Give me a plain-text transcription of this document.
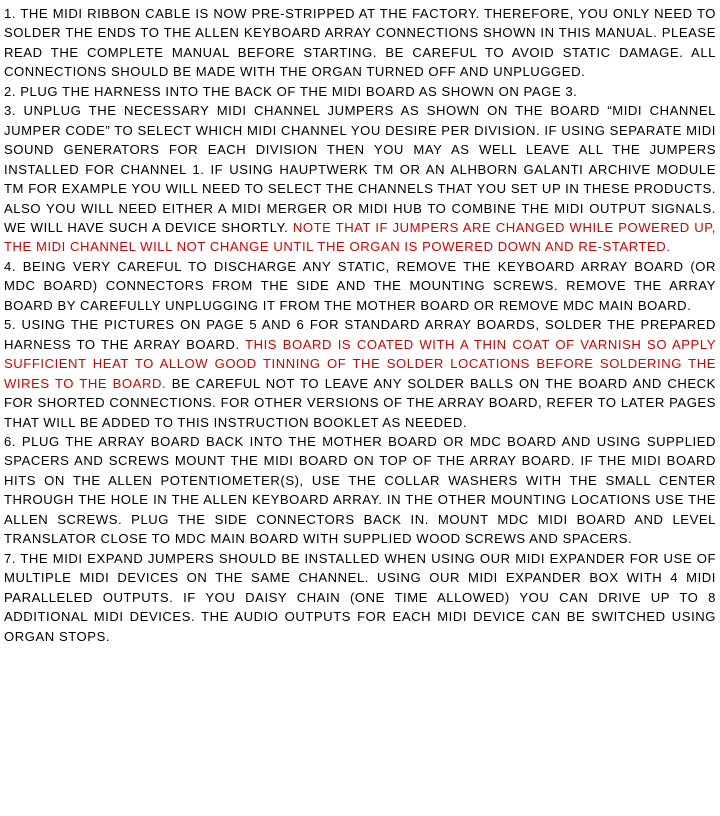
1. THE MIDI RIBBON CABLE IS NOW PRE-STRIPPED AT THE FACTORY. THEREFORE, YOU ONLY NEED TO SOLDER THE ENDS TO THE ALLEN KEYBOARD ARRAY CONNECTIONS SHOWN IN THIS MANUAL. PLEASE READ THE COMPLETE MANUAL BEFORE STARTING. BE CAREFUL TO AVOID STATIC DAMAGE. ALL CONNECTIONS SHOULD BE MADE WITH THE ORGAN TURNED OFF AND UNPLUGGED.

2. PLUG THE HARNESS INTO THE BACK OF THE MIDI BOARD AS SHOWN ON PAGE 3.

3. UNPLUG THE NECESSARY MIDI CHANNEL JUMPERS AS SHOWN ON THE BOARD “MIDI CHANNEL JUMPER CODE” TO SELECT WHICH MIDI CHANNEL YOU DESIRE PER DIVISION. IF USING SEPARATE MIDI SOUND GENERATORS FOR EACH DIVISION THEN YOU MAY AS WELL LEAVE ALL THE JUMPERS INSTALLED FOR CHANNEL 1. IF USING HAUPTWERK TM OR AN ALHBORN GALANTI ARCHIVE MODULE TM FOR EXAMPLE YOU WILL NEED TO SELECT THE CHANNELS THAT YOU SET UP IN THESE PRODUCTS. ALSO YOU WILL NEED EITHER A MIDI MERGER OR MIDI HUB TO COMBINE THE MIDI OUTPUT SIGNALS. WE WILL HAVE SUCH A DEVICE SHORTLY. NOTE THAT IF JUMPERS ARE CHANGED WHILE POWERED UP, THE MIDI CHANNEL WILL NOT CHANGE UNTIL THE ORGAN IS POWERED DOWN AND RE-STARTED.

4. BEING VERY CAREFUL TO DISCHARGE ANY STATIC, REMOVE THE KEYBOARD ARRAY BOARD (OR MDC BOARD) CONNECTORS FROM THE SIDE AND THE MOUNTING SCREWS. REMOVE THE ARRAY BOARD BY CAREFULLY UNPLUGGING IT FROM THE MOTHER BOARD OR REMOVE MDC MAIN BOARD.

5. USING THE PICTURES ON PAGE 5 AND 6 FOR STANDARD ARRAY BOARDS, SOLDER THE PREPARED HARNESS TO THE ARRAY BOARD. THIS BOARD IS COATED WITH A THIN COAT OF VARNISH SO APPLY SUFFICIENT HEAT TO ALLOW GOOD TINNING OF THE SOLDER LOCATIONS BEFORE SOLDERING THE WIRES TO THE BOARD. BE CAREFUL NOT TO LEAVE ANY SOLDER BALLS ON THE BOARD AND CHECK FOR SHORTED CONNECTIONS. FOR OTHER VERSIONS OF THE ARRAY BOARD, REFER TO LATER PAGES THAT WILL BE ADDED TO THIS INSTRUCTION BOOKLET AS NEEDED.

6. PLUG THE ARRAY BOARD BACK INTO THE MOTHER BOARD OR MDC BOARD AND USING SUPPLIED SPACERS AND SCREWS MOUNT THE MIDI BOARD ON TOP OF THE ARRAY BOARD. IF THE MIDI BOARD HITS ON THE ALLEN POTENTIOMETER(S), USE THE COLLAR WASHERS WITH THE SMALL CENTER THROUGH THE HOLE IN THE ALLEN KEYBOARD ARRAY. IN THE OTHER MOUNTING LOCATIONS USE THE ALLEN SCREWS. PLUG THE SIDE CONNECTORS BACK IN. MOUNT MDC MIDI BOARD AND LEVEL TRANSLATOR CLOSE TO MDC MAIN BOARD WITH SUPPLIED WOOD SCREWS AND SPACERS.

7. THE MIDI EXPAND JUMPERS SHOULD BE INSTALLED WHEN USING OUR MIDI EXPANDER FOR USE OF MULTIPLE MIDI DEVICES ON THE SAME CHANNEL. USING OUR MIDI EXPANDER BOX WITH 4 MIDI PARALLELED OUTPUTS. IF YOU DAISY CHAIN (ONE TIME ALLOWED) YOU CAN DRIVE UP TO 8 ADDITIONAL MIDI DEVICES. THE AUDIO OUTPUTS FOR EACH MIDI DEVICE CAN BE SWITCHED USING ORGAN STOPS.
